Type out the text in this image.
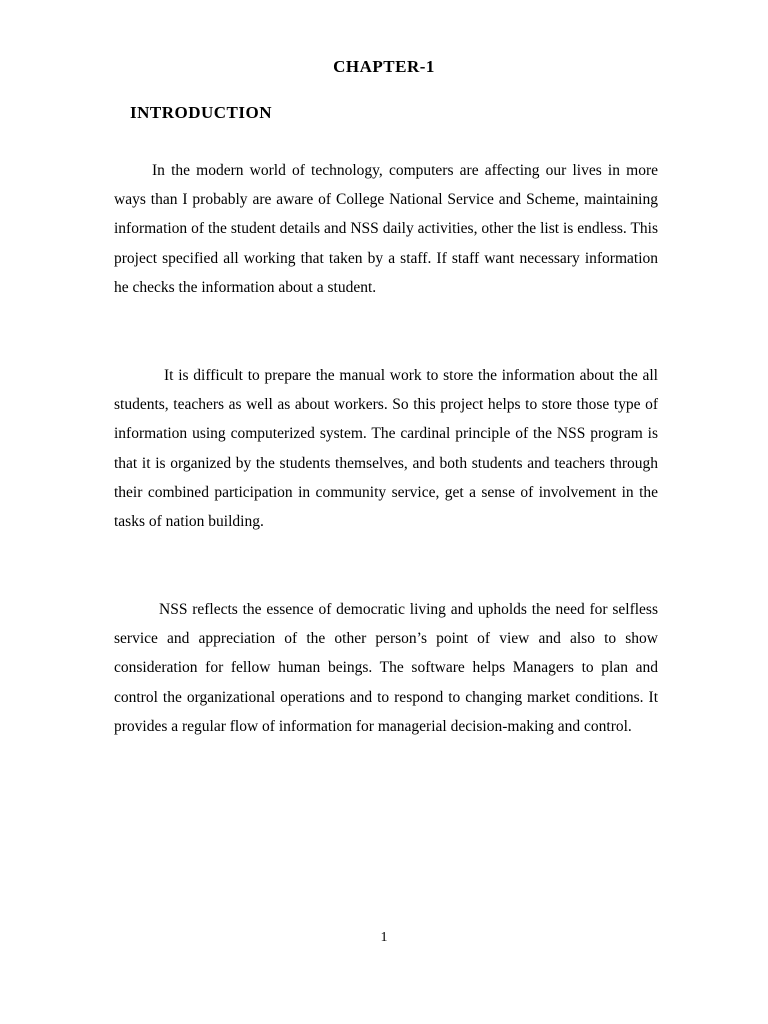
CHAPTER-1
INTRODUCTION

In the modern world of technology, computers are affecting our lives in more ways than I probably are aware of College National Service and Scheme, maintaining information of the student details and NSS daily activities, other the list is endless. This project specified all working that taken by a staff. If staff want necessary information he checks the information about a student.

It is difficult to prepare the manual work to store the information about the all students, teachers as well as about workers. So this project helps to store those type of information using computerized system. The cardinal principle of the NSS program is that it is organized by the students themselves, and both students and teachers through their combined participation in community service, get a sense of involvement in the tasks of nation building.

NSS reflects the essence of democratic living and upholds the need for selfless service and appreciation of the other person’s point of view and also to show consideration for fellow human beings. The software helps Managers to plan and control the organizational operations and to respond to changing market conditions. It provides a regular flow of information for managerial decision-making and control.

1
